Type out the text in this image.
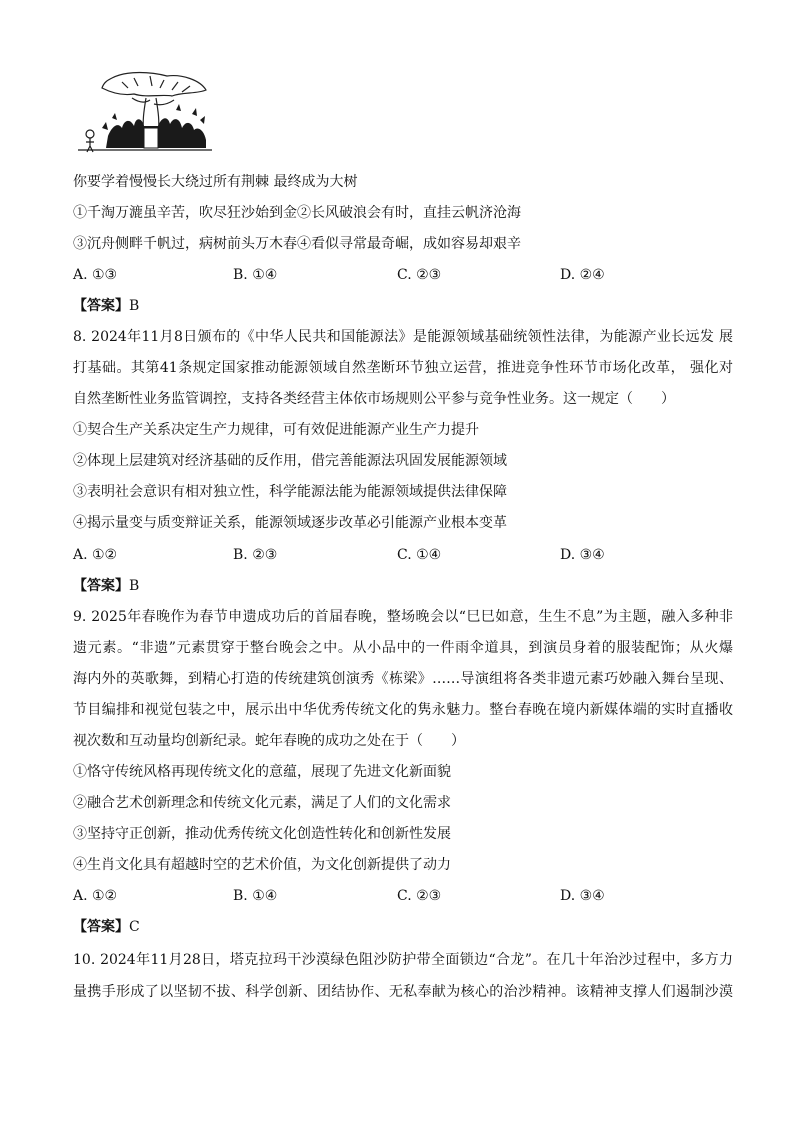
你要学着慢慢长大绕过所有荆棘 最终成为大树
①千淘万漉虽辛苦，吹尽狂沙始到金②长风破浪会有时，直挂云帆济沧海
③沉舟侧畔千帆过，病树前头万木春④看似寻常最奇崛，成如容易却艰辛
A. ①③	B. ①④	C. ②③	D. ②④
【答案】B
8. 2024年11月8日颁布的《中华人民共和国能源法》是能源领域基础统领性法律，为能源产业长远发 展
打基础。其第41条规定国家推动能源领域自然垄断环节独立运营，推进竞争性环节市场化改革， 强化对
自然垄断性业务监管调控，支持各类经营主体依市场规则公平参与竞争性业务。这一规定（　　）
①契合生产关系决定生产力规律，可有效促进能源产业生产力提升
②体现上层建筑对经济基础的反作用，借完善能源法巩固发展能源领域
③表明社会意识有相对独立性，科学能源法能为能源领域提供法律保障
④揭示量变与质变辩证关系，能源领域逐步改革必引能源产业根本变革
A. ①②	B. ②③	C. ①④	D. ③④
【答案】B
9. 2025年春晚作为春节申遗成功后的首届春晚，整场晚会以“巳巳如意，生生不息”为主题，融入多种非
遗元素。“非遗”元素贯穿于整台晚会之中。从小品中的一件雨伞道具，到演员身着的服装配饰；从火爆
海内外的英歌舞，到精心打造的传统建筑创演秀《栋梁》……导演组将各类非遗元素巧妙融入舞台呈现、
节目编排和视觉包装之中，展示出中华优秀传统文化的隽永魅力。整台春晚在境内新媒体端的实时直播收
视次数和互动量均创新纪录。蛇年春晚的成功之处在于（　　）
①恪守传统风格再现传统文化的意蕴，展现了先进文化新面貌
②融合艺术创新理念和传统文化元素，满足了人们的文化需求
③坚持守正创新，推动优秀传统文化创造性转化和创新性发展
④生肖文化具有超越时空的艺术价值，为文化创新提供了动力
A. ①②	B. ①④	C. ②③	D. ③④
【答案】C
10. 2024年11月28日，塔克拉玛干沙漠绿色阻沙防护带全面锁边“合龙”。在几十年治沙过程中，多方力
量携手形成了以坚韧不拔、科学创新、团结协作、无私奉献为核心的治沙精神。该精神支撑人们遏制沙漠
